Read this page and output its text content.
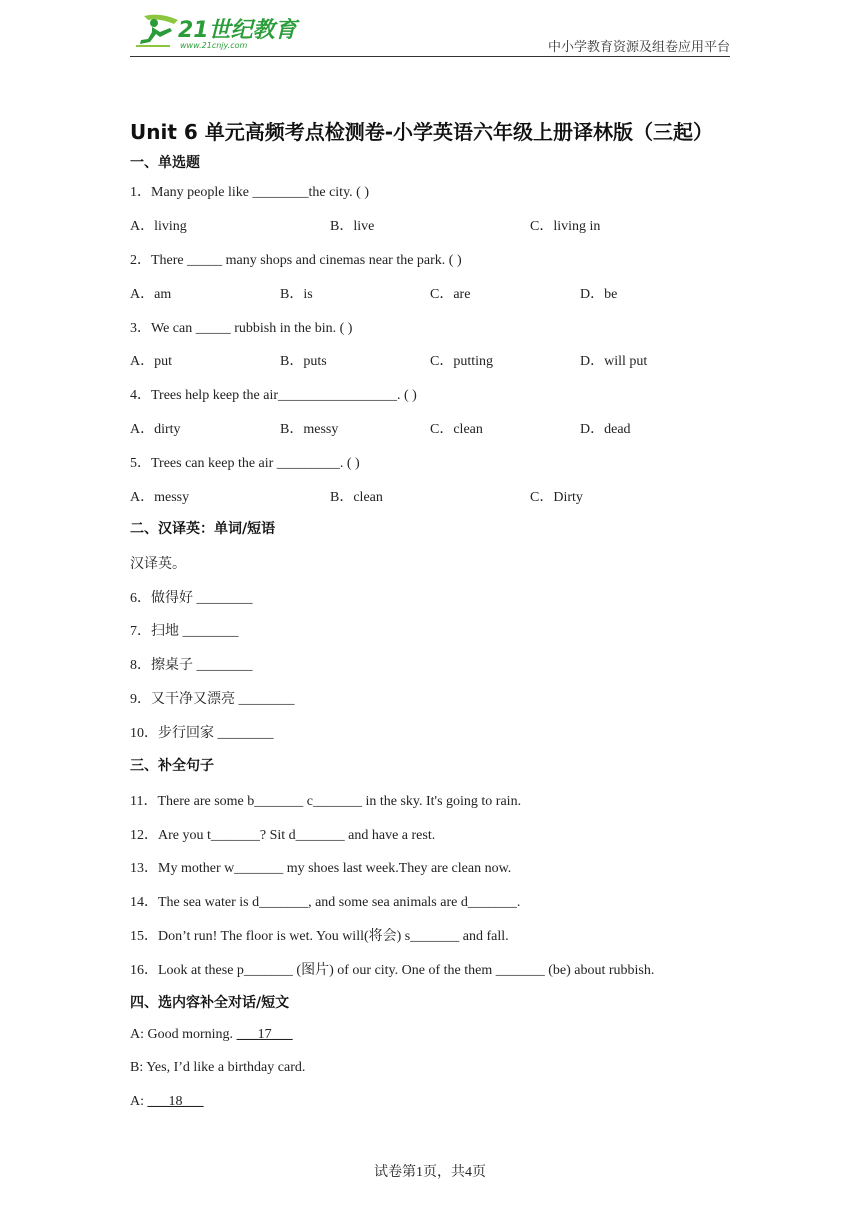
21世纪教育
www.21cnjy.com	中小学教育资源及组卷应用平台
Unit 6 单元高频考点检测卷-小学英语六年级上册译林版（三起）
一、单选题
1．Many people like ________the city. ( )
A．living	B．live	C．living in
2．There _____ many shops and cinemas near the park. ( )
A．am	B．is	C．are	D．be
3．We can _____ rubbish in the bin. ( )
A．put	B．puts	C．putting	D．will put
4．Trees help keep the air_________________. ( )
A．dirty	B．messy	C．clean	D．dead
5．Trees can keep the air _________. ( )
A．messy	B．clean	C．Dirty
二、汉译英：单词/短语
汉译英。
6．做得好 ________
7．扫地 ________
8．擦桌子 ________
9．又干净又漂亮 ________
10．步行回家 ________
三、补全句子
11．There are some b_______ c_______ in the sky. It's going to rain.
12．Are you t_______? Sit d_______ and have a rest.
13．My mother w_______ my shoes last week.They are clean now.
14．The sea water is d_______, and some sea animals are d_______.
15．Don’t run! The floor is wet. You will(将会) s_______ and fall.
16．Look at these p_______ (图片) of our city. One of the them _______ (be) about rubbish.
四、选内容补全对话/短文
A: Good morning. ___17___
B: Yes, I’d like a birthday card.
A: ___18___
试卷第1页，共4页
